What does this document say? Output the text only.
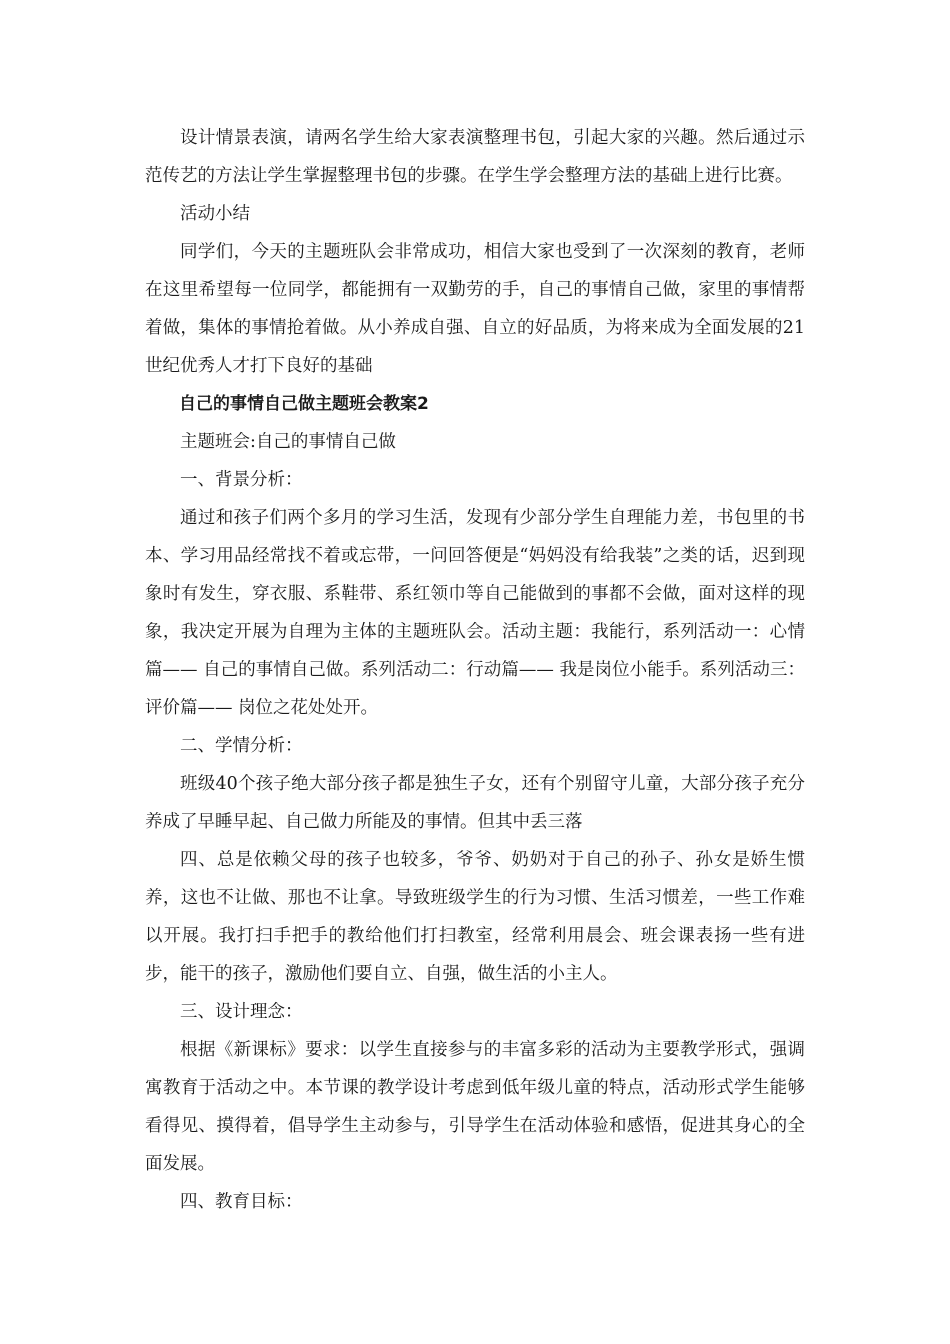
设计情景表演，请两名学生给大家表演整理书包，引起大家的兴趣。然后通过示范传艺的方法让学生掌握整理书包的步骤。在学生学会整理方法的基础上进行比赛。

活动小结

同学们，今天的主题班队会非常成功，相信大家也受到了一次深刻的教育，老师在这里希望每一位同学，都能拥有一双勤劳的手，自己的事情自己做，家里的事情帮着做，集体的事情抢着做。从小养成自强、自立的好品质，为将来成为全面发展的21世纪优秀人才打下良好的基础

自己的事情自己做主题班会教案2

主题班会:自己的事情自己做

一、背景分析：

通过和孩子们两个多月的学习生活，发现有少部分学生自理能力差，书包里的书本、学习用品经常找不着或忘带，一问回答便是“妈妈没有给我装”之类的话，迟到现象时有发生，穿衣服、系鞋带、系红领巾等自己能做到的事都不会做，面对这样的现象，我决定开展为自理为主体的主题班队会。活动主题：我能行，系列活动一：心情篇—— 自己的事情自己做。系列活动二：行动篇—— 我是岗位小能手。系列活动三：评价篇—— 岗位之花处处开。

二、学情分析：

班级40个孩子绝大部分孩子都是独生子女，还有个别留守儿童，大部分孩子充分养成了早睡早起、自己做力所能及的事情。但其中丢三落

四、总是依赖父母的孩子也较多，爷爷、奶奶对于自己的孙子、孙女是娇生惯养，这也不让做、那也不让拿。导致班级学生的行为习惯、生活习惯差，一些工作难以开展。我打扫手把手的教给他们打扫教室，经常利用晨会、班会课表扬一些有进步，能干的孩子，激励他们要自立、自强，做生活的小主人。

三、设计理念：

根据《新课标》要求：以学生直接参与的丰富多彩的活动为主要教学形式，强调寓教育于活动之中。本节课的教学设计考虑到低年级儿童的特点，活动形式学生能够看得见、摸得着，倡导学生主动参与，引导学生在活动体验和感悟，促进其身心的全面发展。

四、教育目标：
